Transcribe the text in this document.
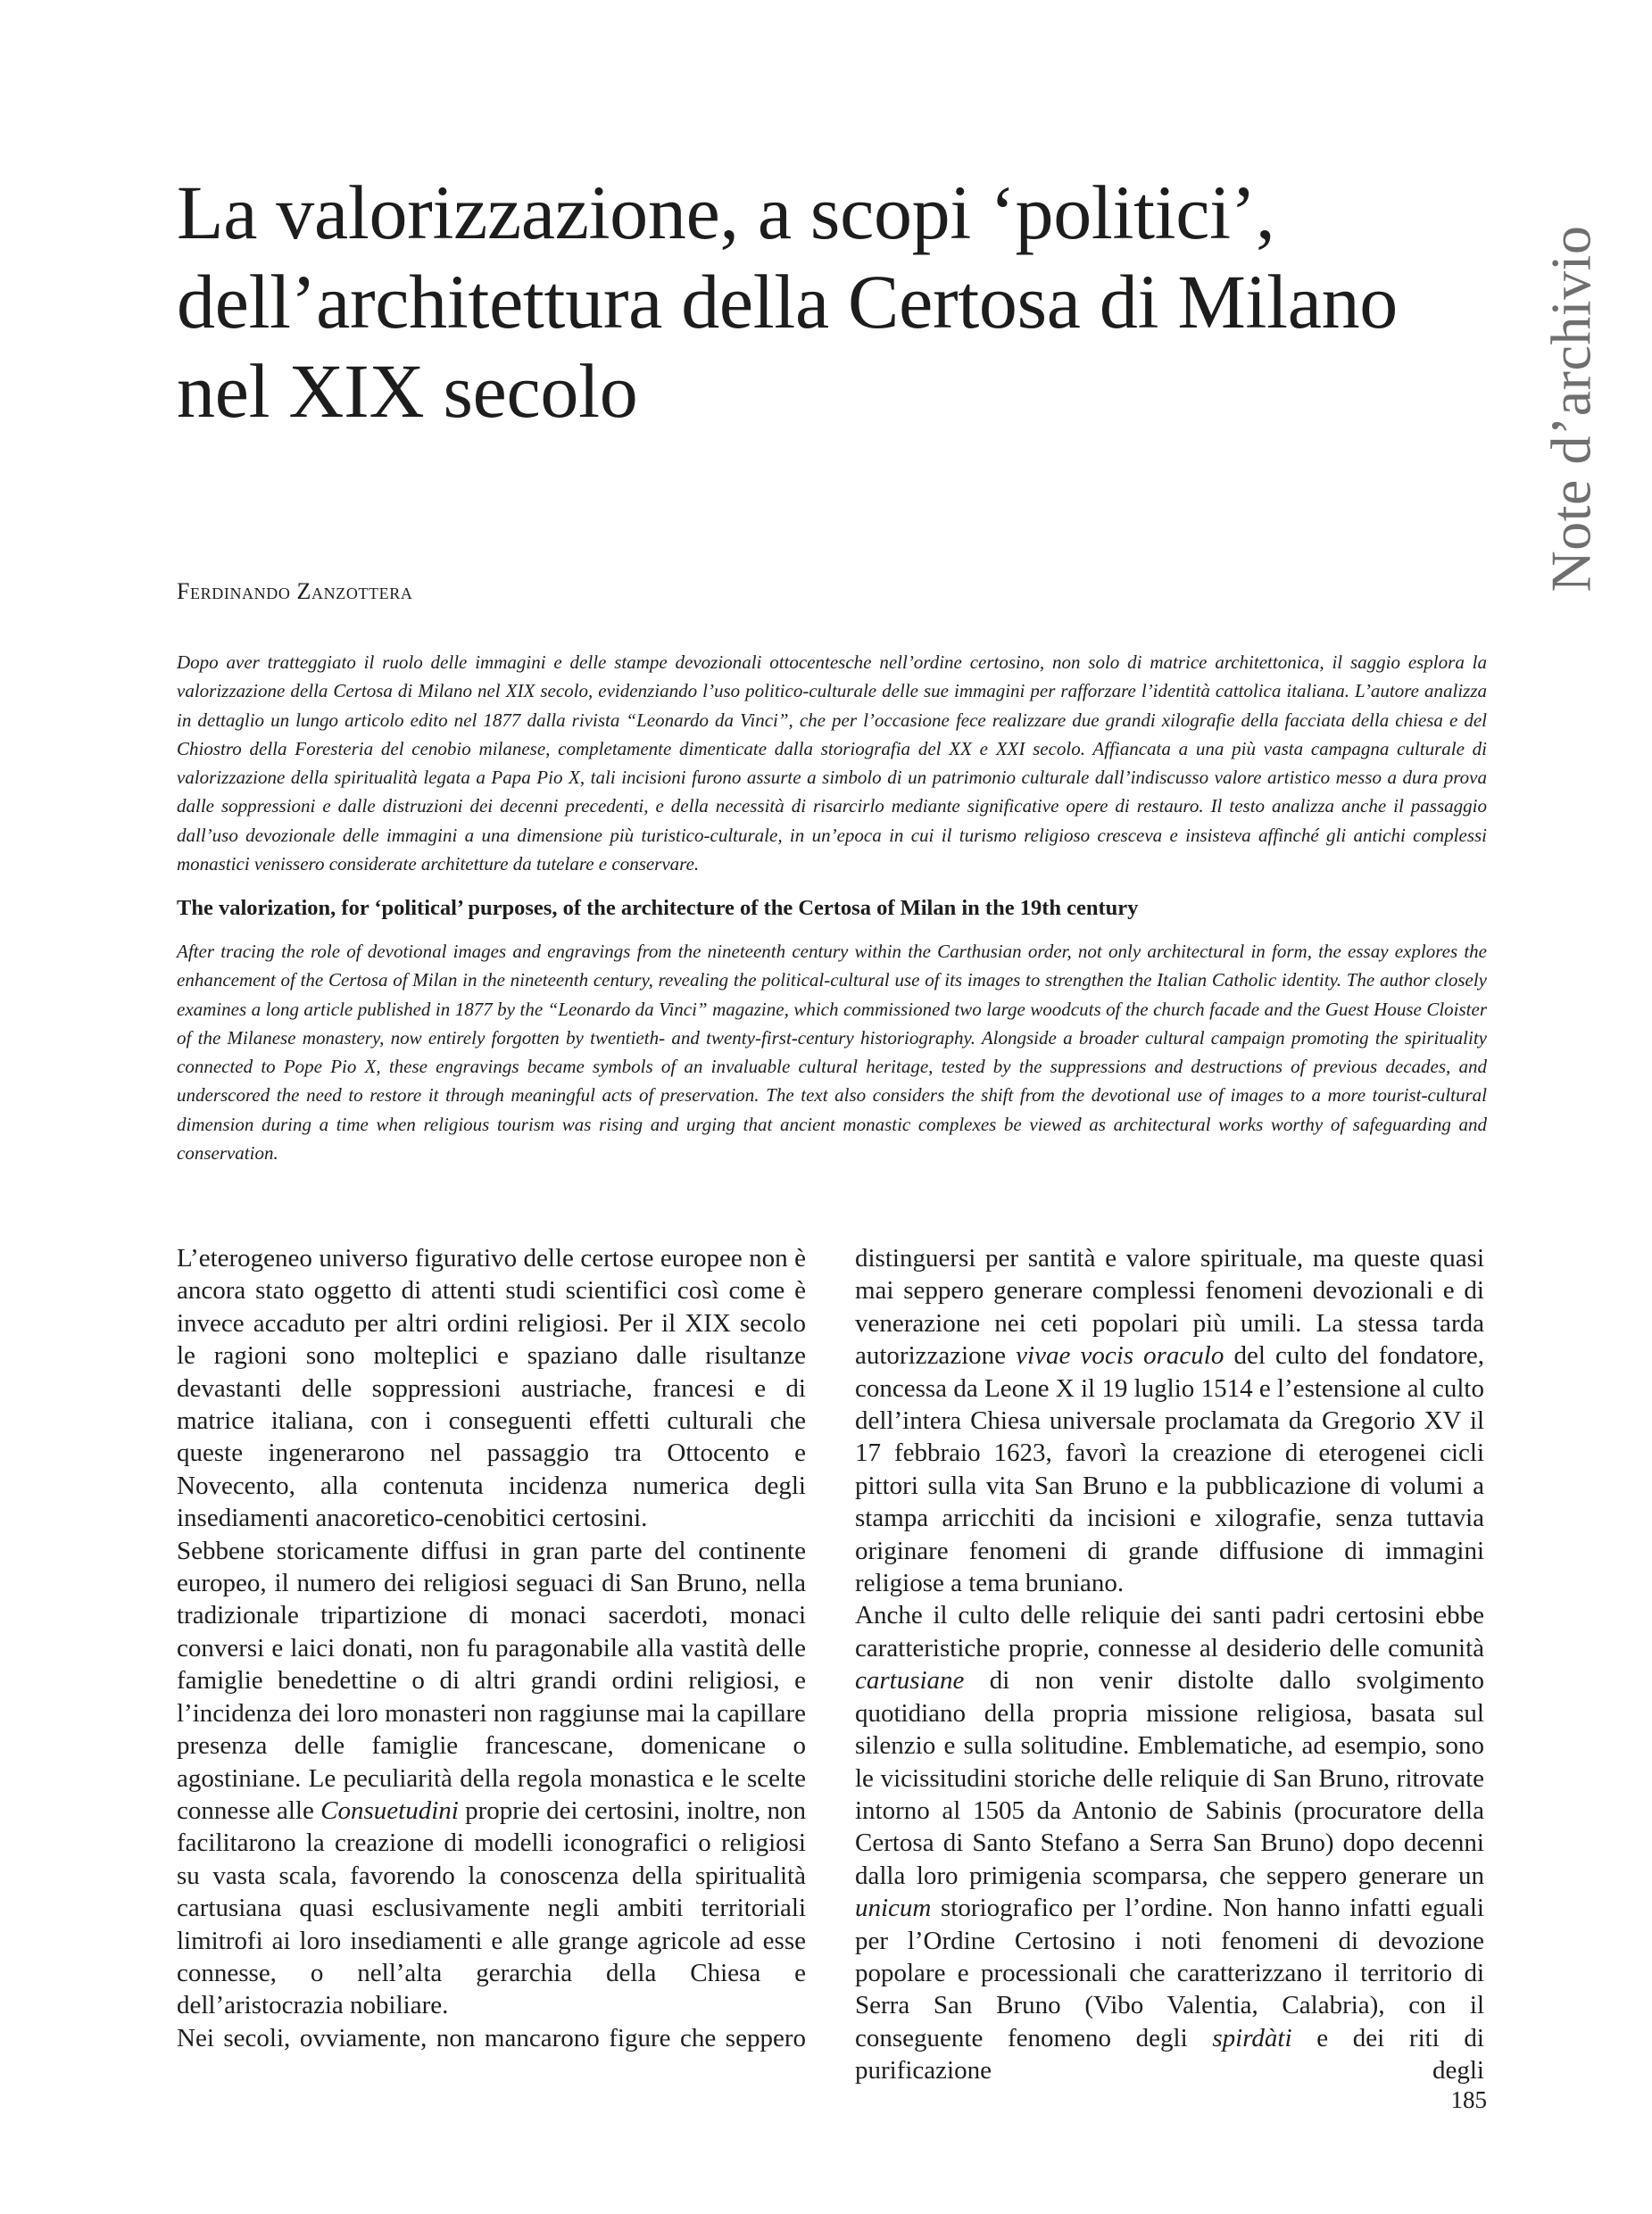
La valorizzazione, a scopi ‘politici’,
dell’architettura della Certosa di Milano
nel XIX secolo	Note d’archivio
Ferdinando Zanzottera

Dopo aver tratteggiato il ruolo delle immagini e delle stampe devozionali ottocentesche nell’ordine certosino, non solo di matrice architettonica, il saggio esplora la valorizzazione della Certosa di Milano nel XIX secolo, evidenziando l’uso politico-culturale delle sue immagini per rafforzare l’identità cattolica italiana. L’autore analizza in dettaglio un lungo articolo edito nel 1877 dalla rivista “Leonardo da Vinci”, che per l’occasione fece realizzare due grandi xilografie della facciata della chiesa e del Chiostro della Foresteria del cenobio milanese, completamente dimenticate dalla storiografia del XX e XXI secolo. Affiancata a una più vasta campagna culturale di valorizzazione della spiritualità legata a Papa Pio X, tali incisioni furono assurte a simbolo di un patrimonio culturale dall’indiscusso valore artistico messo a dura prova dalle soppressioni e dalle distruzioni dei decenni precedenti, e della necessità di risarcirlo mediante significative opere di restauro. Il testo analizza anche il passaggio dall’uso devozionale delle immagini a una dimensione più turistico-culturale, in un’epoca in cui il turismo religioso cresceva e insisteva affinché gli antichi complessi monastici venissero considerate architetture da tutelare e conservare.

The valorization, for ‘political’ purposes, of the architecture of the Certosa of Milan in the 19th century

After tracing the role of devotional images and engravings from the nineteenth century within the Carthusian order, not only architectural in form, the essay explores the enhancement of the Certosa of Milan in the nineteenth century, revealing the political-cultural use of its images to strengthen the Italian Catholic identity. The author closely examines a long article published in 1877 by the “Leonardo da Vinci” magazine, which commissioned two large woodcuts of the church facade and the Guest House Cloister of the Milanese monastery, now entirely forgotten by twentieth- and twenty-first-century historiography. Alongside a broader cultural campaign promoting the spirituality connected to Pope Pio X, these engravings became symbols of an invaluable cultural heritage, tested by the suppressions and destructions of previous decades, and underscored the need to restore it through meaningful acts of preservation. The text also considers the shift from the devotional use of images to a more tourist-cultural dimension during a time when religious tourism was rising and urging that ancient monastic complexes be viewed as architectural works worthy of safeguarding and conservation.

L’eterogeneo universo figurativo delle certose europee non è ancora stato oggetto di attenti studi scientifici così come è invece accaduto per altri ordini religiosi. Per il XIX secolo le ragioni sono molteplici e spaziano dalle risultanze devastanti delle soppressioni austriache, francesi e di matrice italiana, con i conseguenti effetti culturali che queste ingenerarono nel passaggio tra Ottocento e Novecento, alla contenuta incidenza numerica degli insediamenti anacoretico-cenobitici certosini.

Sebbene storicamente diffusi in gran parte del continente europeo, il numero dei religiosi seguaci di San Bruno, nella tradizionale tripartizione di monaci sacerdoti, monaci conversi e laici donati, non fu paragonabile alla vastità delle famiglie benedettine o di altri grandi ordini religiosi, e l’incidenza dei loro monasteri non raggiunse mai la capillare presenza delle famiglie francescane, domenicane o agostiniane. Le peculiarità della regola monastica e le scelte connesse alle Consuetudini proprie dei certosini, inoltre, non facilitarono la creazione di modelli iconografici o religiosi su vasta scala, favorendo la conoscenza della spiritualità cartusiana quasi esclusivamente negli ambiti territoriali limitrofi ai loro insediamenti e alle grange agricole ad esse connesse, o nell’alta gerarchia della Chiesa e dell’aristocrazia nobiliare.

Nei secoli, ovviamente, non mancarono figure che seppero

distinguersi per santità e valore spirituale, ma queste quasi mai seppero generare complessi fenomeni devozionali e di venerazione nei ceti popolari più umili. La stessa tarda autorizzazione vivae vocis oraculo del culto del fondatore, concessa da Leone X il 19 luglio 1514 e l’estensione al culto dell’intera Chiesa universale proclamata da Gregorio XV il 17 febbraio 1623, favorì la creazione di eterogenei cicli pittori sulla vita San Bruno e la pubblicazione di volumi a stampa arricchiti da incisioni e xilografie, senza tuttavia originare fenomeni di grande diffusione di immagini religiose a tema bruniano.

Anche il culto delle reliquie dei santi padri certosini ebbe caratteristiche proprie, connesse al desiderio delle comunità cartusiane di non venir distolte dallo svolgimento quotidiano della propria missione religiosa, basata sul silenzio e sulla solitudine. Emblematiche, ad esempio, sono le vicissitudini storiche delle reliquie di San Bruno, ritrovate intorno al 1505 da Antonio de Sabinis (procuratore della Certosa di Santo Stefano a Serra San Bruno) dopo decenni dalla loro primigenia scomparsa, che seppero generare un unicum storiografico per l’ordine. Non hanno infatti eguali per l’Ordine Certosino i noti fenomeni di devozione popolare e processionali che caratterizzano il territorio di Serra San Bruno (Vibo Valentia, Calabria), con il conseguente fenomeno degli spirdàti e dei riti di purificazione degli

185
